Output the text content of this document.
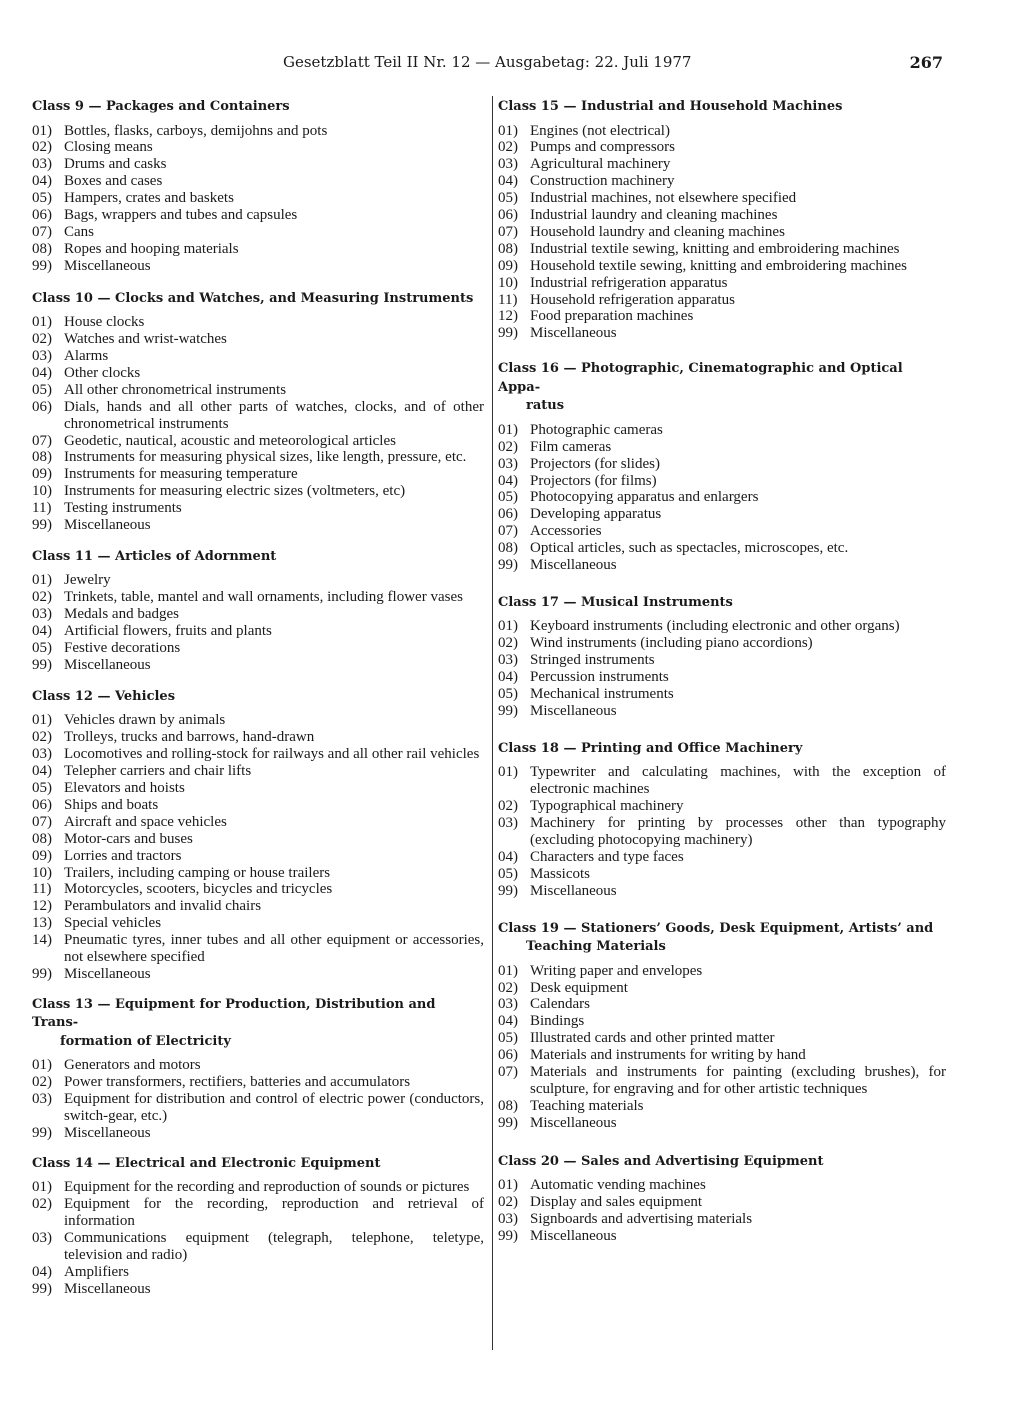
Gesetzblatt Teil II Nr. 12 — Ausgabetag: 22. Juli 1977	267
Class 9 — Packages and Containers
01) Bottles, flasks, carboys, demijohns and pots
02) Closing means
03) Drums and casks
04) Boxes and cases
05) Hampers, crates and baskets
06) Bags, wrappers and tubes and capsules
07) Cans
08) Ropes and hooping materials
99) Miscellaneous
Class 10 — Clocks and Watches, and Measuring Instruments
01) House clocks
02) Watches and wrist-watches
03) Alarms
04) Other clocks
05) All other chronometrical instruments
06) Dials, hands and all other parts of watches, clocks, and of other chronometrical instruments
07) Geodetic, nautical, acoustic and meteorological articles
08) Instruments for measuring physical sizes, like length, pressure, etc.
09) Instruments for measuring temperature
10) Instruments for measuring electric sizes (voltmeters, etc)
11) Testing instruments
99) Miscellaneous
Class 11 — Articles of Adornment
01) Jewelry
02) Trinkets, table, mantel and wall ornaments, including flower vases
03) Medals and badges
04) Artificial flowers, fruits and plants
05) Festive decorations
99) Miscellaneous
Class 12 — Vehicles
01) Vehicles drawn by animals
02) Trolleys, trucks and barrows, hand-drawn
03) Locomotives and rolling-stock for railways and all other rail vehicles
04) Telepher carriers and chair lifts
05) Elevators and hoists
06) Ships and boats
07) Aircraft and space vehicles
08) Motor-cars and buses
09) Lorries and tractors
10) Trailers, including camping or house trailers
11) Motorcycles, scooters, bicycles and tricycles
12) Perambulators and invalid chairs
13) Special vehicles
14) Pneumatic tyres, inner tubes and all other equipment or accessories, not elsewhere specified
99) Miscellaneous
Class 13 — Equipment for Production, Distribution and Trans-
formation of Electricity
01) Generators and motors
02) Power transformers, rectifiers, batteries and accumulators
03) Equipment for distribution and control of electric power (conductors, switch-gear, etc.)
99) Miscellaneous
Class 14 — Electrical and Electronic Equipment
01) Equipment for the recording and reproduction of sounds or pictures
02) Equipment for the recording, reproduction and retrieval of information
03) Communications equipment (telegraph, telephone, teletype, television and radio)
04) Amplifiers
99) Miscellaneous
Class 15 — Industrial and Household Machines
01) Engines (not electrical)
02) Pumps and compressors
03) Agricultural machinery
04) Construction machinery
05) Industrial machines, not elsewhere specified
06) Industrial laundry and cleaning machines
07) Household laundry and cleaning machines
08) Industrial textile sewing, knitting and embroidering machines
09) Household textile sewing, knitting and embroidering machines
10) Industrial refrigeration apparatus
11) Household refrigeration apparatus
12) Food preparation machines
99) Miscellaneous
Class 16 — Photographic, Cinematographic and Optical Appa-
ratus
01) Photographic cameras
02) Film cameras
03) Projectors (for slides)
04) Projectors (for films)
05) Photocopying apparatus and enlargers
06) Developing apparatus
07) Accessories
08) Optical articles, such as spectacles, microscopes, etc.
99) Miscellaneous
Class 17 — Musical Instruments
01) Keyboard instruments (including electronic and other organs)
02) Wind instruments (including piano accordions)
03) Stringed instruments
04) Percussion instruments
05) Mechanical instruments
99) Miscellaneous
Class 18 — Printing and Office Machinery
01) Typewriter and calculating machines, with the exception of electronic machines
02) Typographical machinery
03) Machinery for printing by processes other than typography (excluding photocopying machinery)
04) Characters and type faces
05) Massicots
99) Miscellaneous
Class 19 — Stationers’ Goods, Desk Equipment, Artists’ and
Teaching Materials
01) Writing paper and envelopes
02) Desk equipment
03) Calendars
04) Bindings
05) Illustrated cards and other printed matter
06) Materials and instruments for writing by hand
07) Materials and instruments for painting (excluding brushes), for sculpture, for engraving and for other artistic techniques
08) Teaching materials
99) Miscellaneous
Class 20 — Sales and Advertising Equipment
01) Automatic vending machines
02) Display and sales equipment
03) Signboards and advertising materials
99) Miscellaneous
